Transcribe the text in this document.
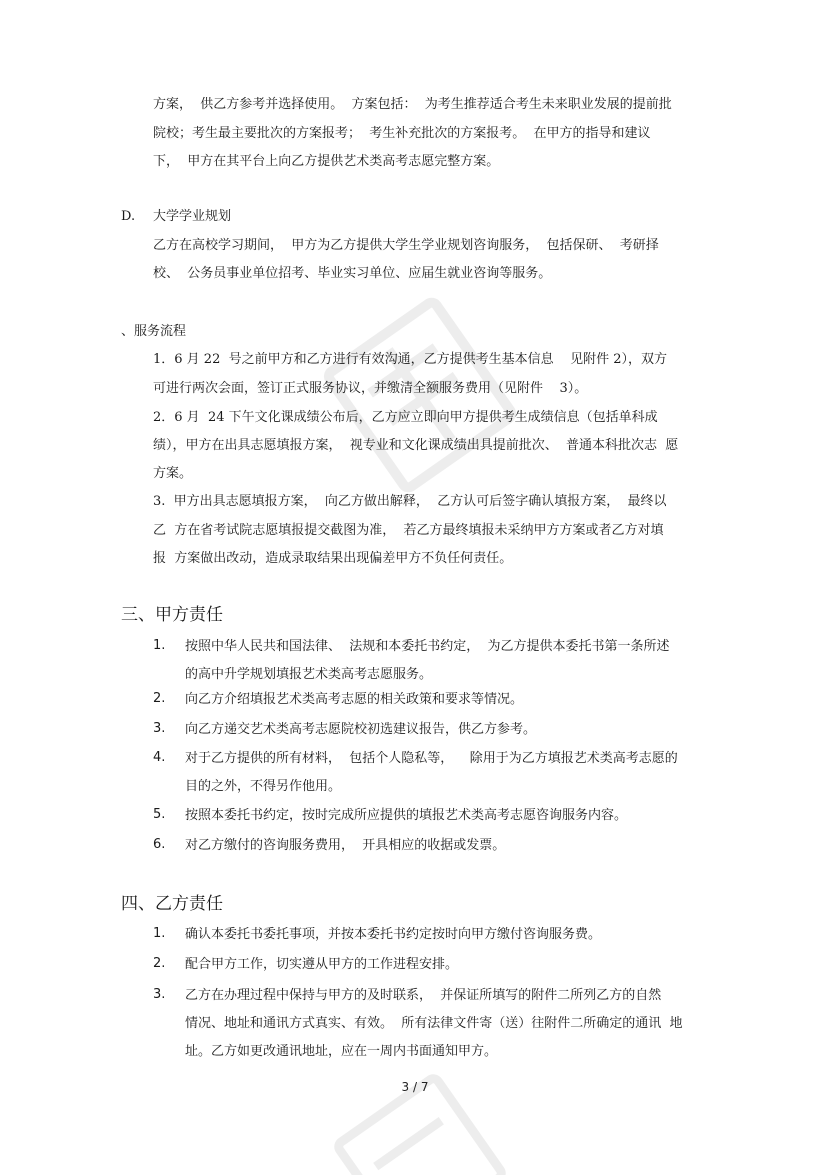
方案，  供乙方参考并选择使用。  方案包括：  为考生推荐适合考生未来职业发展的提前批
院校；考生最主要批次的方案报考；  考生补充批次的方案报考。  在甲方的指导和建议
下，  甲方在其平台上向乙方提供艺术类高考志愿完整方案。
D. 大学学业规划
乙方在高校学习期间，  甲方为乙方提供大学生学业规划咨询服务，  包括保研、  考研择
校、  公务员事业单位招考、毕业实习单位、应届生就业咨询等服务。
、服务流程
1．6 月 22  号之前甲方和乙方进行有效沟通，乙方提供考生基本信息    见附件 2），双方
可进行两次会面，签订正式服务协议，并缴清全额服务费用（见附件    3）。
2．6 月  24 下午文化课成绩公布后，乙方应立即向甲方提供考生成绩信息（包括单科成
绩），甲方在出具志愿填报方案，  视专业和文化课成绩出具提前批次、  普通本科批次志  愿
方案。
3.  甲方出具志愿填报方案，  向乙方做出解释，  乙方认可后签字确认填报方案，  最终以
乙  方在省考试院志愿填报提交截图为准，  若乙方最终填报未采纳甲方方案或者乙方对填
报  方案做出改动，造成录取结果出现偏差甲方不负任何责任。
三、甲方责任
1. 按照中华人民共和国法律、  法规和本委托书约定，  为乙方提供本委托书第一条所述
的高中升学规划填报艺术类高考志愿服务。
2. 向乙方介绍填报艺术类高考志愿的相关政策和要求等情况。
3. 向乙方递交艺术类高考志愿院校初选建议报告，供乙方参考。
4. 对于乙方提供的所有材料，  包括个人隐私等，    除用于为乙方填报艺术类高考志愿的
目的之外，不得另作他用。
5. 按照本委托书约定，按时完成所应提供的填报艺术类高考志愿咨询服务内容。
6. 对乙方缴付的咨询服务费用，  开具相应的收据或发票。
四、乙方责任
1. 确认本委托书委托事项，并按本委托书约定按时向甲方缴付咨询服务费。
2. 配合甲方工作，切实遵从甲方的工作进程安排。
3. 乙方在办理过程中保持与甲方的及时联系，  并保证所填写的附件二所列乙方的自然
情况、地址和通讯方式真实、有效。  所有法律文件寄（送）往附件二所确定的通讯  地
址。乙方如更改通讯地址，应在一周内书面通知甲方。
3 / 7
